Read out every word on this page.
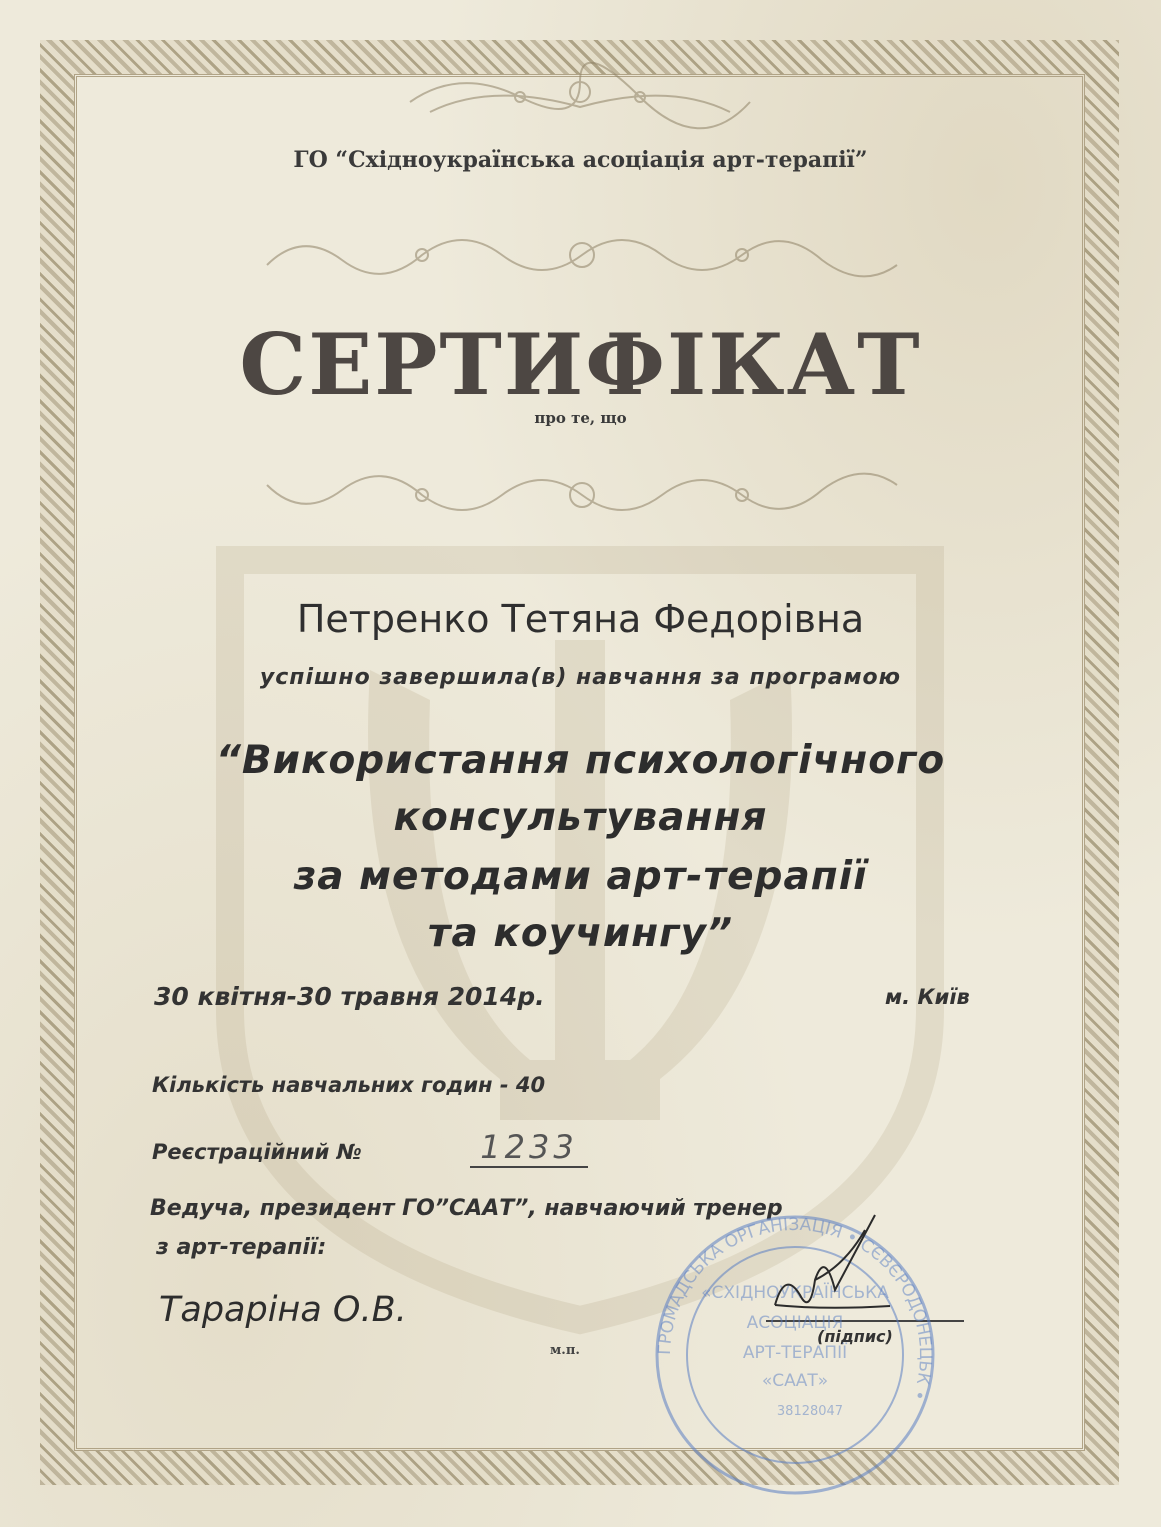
ГО “Східноукраїнська асоціація арт-терапії”
СЕРТИФІКАТ
про те, що
Петренко Тетяна Федорівна
успішно завершила(в) навчання за програмою
“Використання психологічного
консультування
за методами арт-терапії
та коучингу”
30 квітня-30 травня 2014р.	м. Київ
Кількість навчальних годин - 40
Реєстраційний №	1233
Ведуча, президент ГО”СААТ”, навчаючий тренер
з арт-терапії:
Тараріна О.В.
м.п.
(підпис)
ГРОМАДСЬКА ОРГАНІЗАЦІЯ • СЄВЄРОДОНЕЦЬК •
«СХІДНОУКРАЇНСЬКА
АСОЦІАЦІЯ
АРТ-ТЕРАПІЇ
«СААТ»
38128047
